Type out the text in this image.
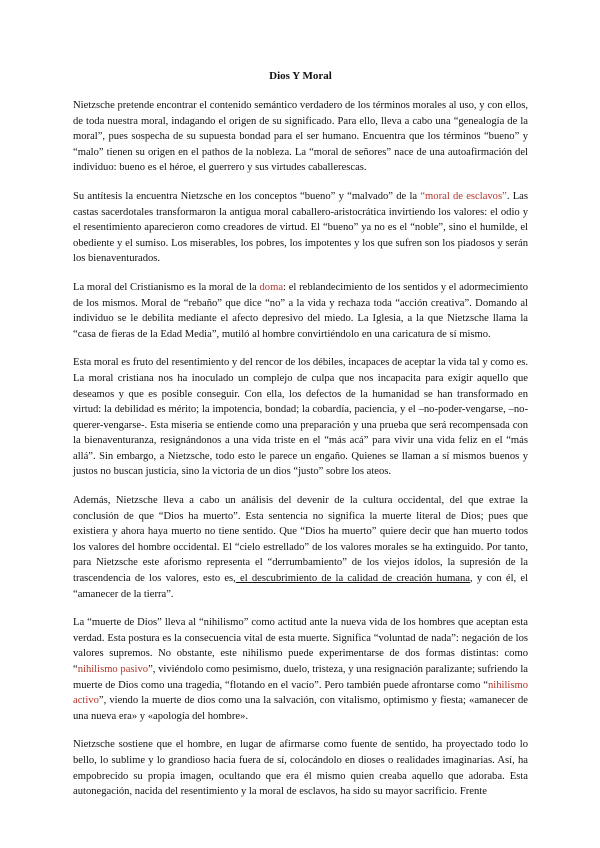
Dios Y Moral

Nietzsche pretende encontrar el contenido semántico verdadero de los términos morales al uso, y con ellos, de toda nuestra moral, indagando el origen de su significado. Para ello, lleva a cabo una “genealogía de la moral”, pues sospecha de su supuesta bondad para el ser humano. Encuentra que los términos “bueno” y “malo” tienen su origen en el pathos de la nobleza. La “moral de señores” nace de una autoafirmación del individuo: bueno es el héroe, el guerrero y sus virtudes caballerescas.

Su antítesis la encuentra Nietzsche en los conceptos “bueno” y “malvado” de la “moral de esclavos”. Las castas sacerdotales transformaron la antigua moral caballero-aristocrática invirtiendo los valores: el odio y el resentimiento aparecieron como creadores de virtud. El “bueno” ya no es el “noble”, sino el humilde, el obediente y el sumiso. Los miserables, los pobres, los impotentes y los que sufren son los piadosos y serán los bienaventurados.

La moral del Cristianismo es la moral de la doma: el reblandecimiento de los sentidos y el adormecimiento de los mismos. Moral de “rebaño” que dice “no” a la vida y rechaza toda “acción creativa”. Domando al individuo se le debilita mediante el afecto depresivo del miedo. La Iglesia, a la que Nietzsche llama la “casa de fieras de la Edad Media”, mutiló al hombre convirtiéndolo en una caricatura de sí mismo.

Esta moral es fruto del resentimiento y del rencor de los débiles, incapaces de aceptar la vida tal y como es. La moral cristiana nos ha inoculado un complejo de culpa que nos incapacita para exigir aquello que deseamos y que es posible conseguir. Con ella, los defectos de la humanidad se han transformado en virtud: la debilidad es mérito; la impotencia, bondad; la cobardía, paciencia, y el –no-poder-vengarse, –no-querer-vengarse-. Esta miseria se entiende como una preparación y una prueba que será recompensada con la bienaventuranza, resignándonos a una vida triste en el “más acá” para vivir una vida feliz en el “más allá”. Sin embargo, a Nietzsche, todo esto le parece un engaño. Quienes se llaman a sí mismos buenos y justos no buscan justicia, sino la victoria de un dios “justo” sobre los ateos.

Además, Nietzsche lleva a cabo un análisis del devenir de la cultura occidental, del que extrae la conclusión de que “Dios ha muerto”. Esta sentencia no significa la muerte literal de Dios; pues que existiera y ahora haya muerto no tiene sentido. Que “Dios ha muerto” quiere decir que han muerto todos los valores del hombre occidental. El “cielo estrellado” de los valores morales se ha extinguido. Por tanto, para Nietzsche este aforismo representa el “derrumbamiento” de los viejos ídolos, la supresión de la trascendencia de los valores, esto es, el descubrimiento de la calidad de creación humana, y con él, el “amanecer de la tierra”.

La “muerte de Dios” lleva al “nihilismo” como actitud ante la nueva vida de los hombres que aceptan esta verdad. Esta postura es la consecuencia vital de esta muerte. Significa “voluntad de nada”: negación de los valores supremos. No obstante, este nihilismo puede experimentarse de dos formas distintas: como “nihilismo pasivo”, viviéndolo como pesimismo, duelo, tristeza, y una resignación paralizante; sufriendo la muerte de Dios como una tragedia, “flotando en el vacío”. Pero también puede afrontarse como “nihilismo activo”, viendo la muerte de dios como una la salvación, con vitalismo, optimismo y fiesta; «amanecer de una nueva era» y «apología del hombre».

Nietzsche sostiene que el hombre, en lugar de afirmarse como fuente de sentido, ha proyectado todo lo bello, lo sublime y lo grandioso hacia fuera de sí, colocándolo en dioses o realidades imaginarias. Así, ha empobrecido su propia imagen, ocultando que era él mismo quien creaba aquello que adoraba. Esta autonegación, nacida del resentimiento y la moral de esclavos, ha sido su mayor sacrificio. Frente
